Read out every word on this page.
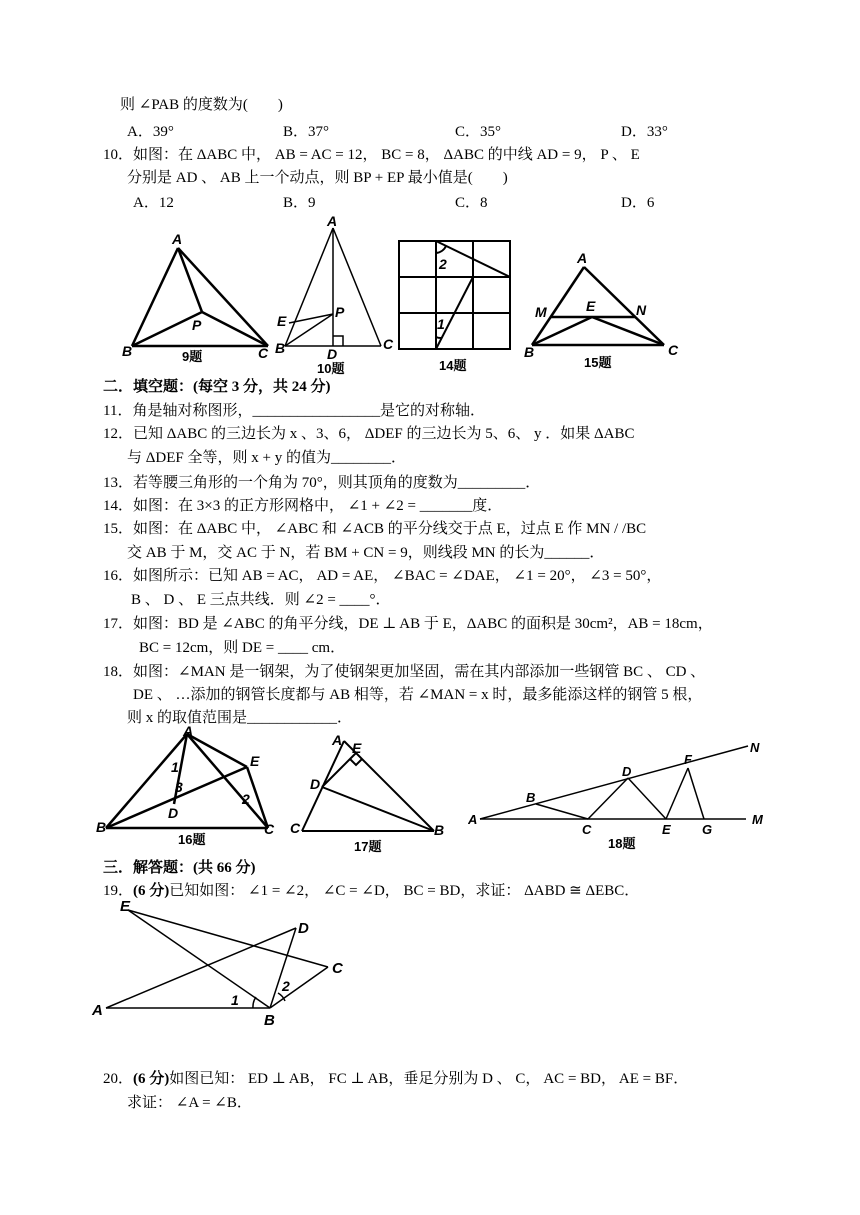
则 ∠PAB 的度数为(　　)
A．39°	B．37°	C．35°	D．33°
10．如图：在 ΔABC 中， AB = AC = 12， BC = 8， ΔABC 的中线 AD = 9， P 、 E
分别是 AD 、 AB 上一个动点，则 BP + EP 最小值是(　　)
A．12	B．9	C．8	D．6
A
B	C
P
9题
A
E
B	D
C
P
10题
2
1
14题
A
M	E	N
B	C
15题
二．填空题：(每空 3 分，共 24 分)
11．角是轴对称图形，_________________是它的对称轴．
12．已知 ΔABC 的三边长为 x 、3、6， ΔDEF 的三边长为 5、6、 y ．如果 ΔABC
与 ΔDEF 全等，则 x + y 的值为________．
13．若等腰三角形的一个角为 70°，则其顶角的度数为_________．
14．如图：在 3×3 的正方形网格中， ∠1 + ∠2 = _______度．
15．如图：在 ΔABC 中， ∠ABC 和 ∠ACB 的平分线交于点 E，过点 E 作 MN / /BC
交 AB 于 M，交 AC 于 N，若 BM + CN = 9，则线段 MN 的长为______．
16．如图所示：已知 AB = AC， AD = AE， ∠BAC = ∠DAE， ∠1 = 20°， ∠3 = 50°，
B 、 D 、 E 三点共线．则 ∠2 = ____°．
17．如图：BD 是 ∠ABC 的角平分线，DE ⊥ AB 于 E，ΔABC 的面积是 30cm²，AB = 18cm，
BC = 12cm，则 DE = ____ cm．
18．如图：∠MAN 是一钢架，为了使钢架更加坚固，需在其内部添加一些钢管 BC 、 CD 、
DE 、 …添加的钢管长度都与 AB 相等，若 ∠MAN = x 时，最多能添这样的钢管 5 根，
则 x 的取值范围是____________．
A
E
B	C
D
1
2
3
16题
A E
D
C	B
17题
A
B
C
D
E
F
G
M
N
18题
三．解答题：(共 66 分)
19．(6 分)已知如图： ∠1 = ∠2， ∠C = ∠D， BC = BD，求证： ΔABD ≅ ΔEBC．
E
D
C
A
B
1
2
20．(6 分)如图已知： ED ⊥ AB， FC ⊥ AB，垂足分别为 D 、 C， AC = BD， AE = BF．
求证： ∠A = ∠B．
